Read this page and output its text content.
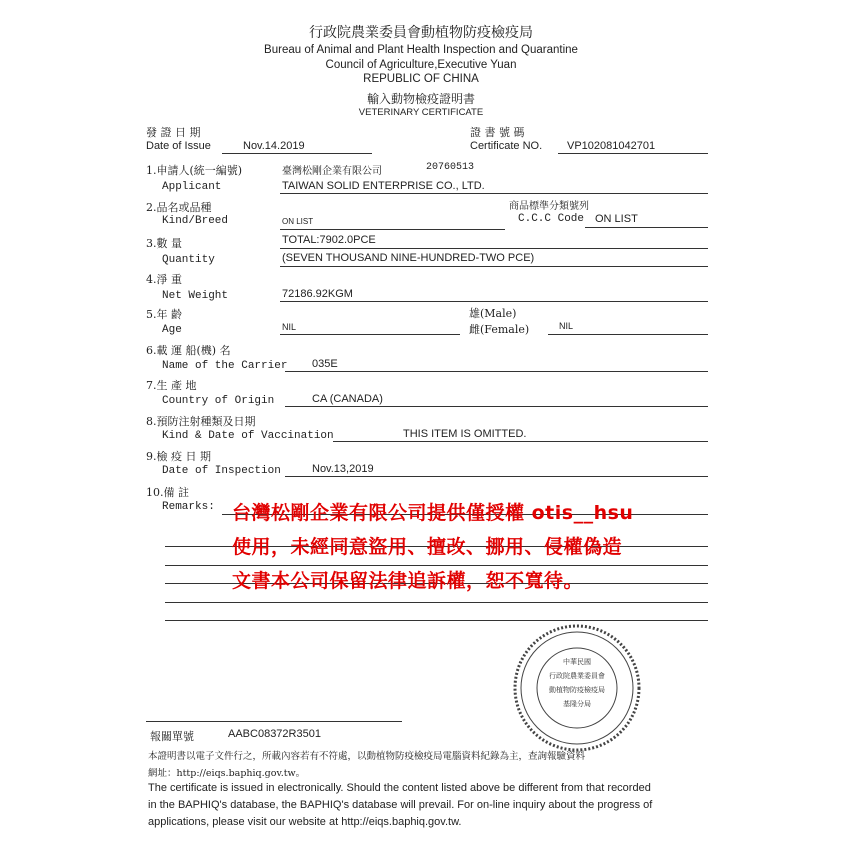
行政院農業委員會動植物防疫檢疫局
Bureau of Animal and Plant Health Inspection and Quarantine
Council of Agriculture,Executive Yuan
REPUBLIC OF CHINA
輸入動物檢疫證明書
VETERINARY CERTIFICATE
發 證 日 期
Date of Issue	Nov.14.2019
證 書 號 碼
Certificate NO. VP102081042701
1.申請人(統一編號)
Applicant
臺灣松剛企業有限公司	20760513
TAIWAN SOLID ENTERPRISE CO., LTD.
2.品名或品種
Kind/Breed	ON LIST
商品標準分類號列
C.C.C Code ON LIST
3.數 量
Quantity
TOTAL:7902.0PCE
(SEVEN THOUSAND NINE-HUNDRED-TWO PCE)
4.淨 重
Net Weight	72186.92KGM
5.年 齡
Age	NIL
雄(Male)
雌(Female)	NIL
6.載 運 船(機) 名
Name of the Carrier 035E
7.生 產 地
Country of Origin	CA (CANADA)
8.預防注射種類及日期
Kind & Date of Vaccination	THIS ITEM IS OMITTED.
9.檢 疫 日 期
Date of Inspection	Nov.13,2019
10.備 註
Remarks: 台灣松剛企業有限公司提供僅授權 otis__hsu
使用，未經同意盜用、擅改、挪用、侵權偽造
文書本公司保留法律追訴權，恕不寬待。
中華民國
行政院農業委員會
動植物防疫檢疫局
基隆分局
報關單號	AABC08372R3501
本證明書以電子文件行之，所載內容若有不符處，以動植物防疫檢疫局電腦資料紀錄為主，查詢報驗資料
網址：http://eiqs.baphiq.gov.tw。
The certificate is issued in electronically. Should the content listed above be different from that recorded
in the BAPHIQ's database, the BAPHIQ's database will prevail. For on-line inquiry about the progress of
applications, please visit our website at http://eiqs.baphiq.gov.tw.
